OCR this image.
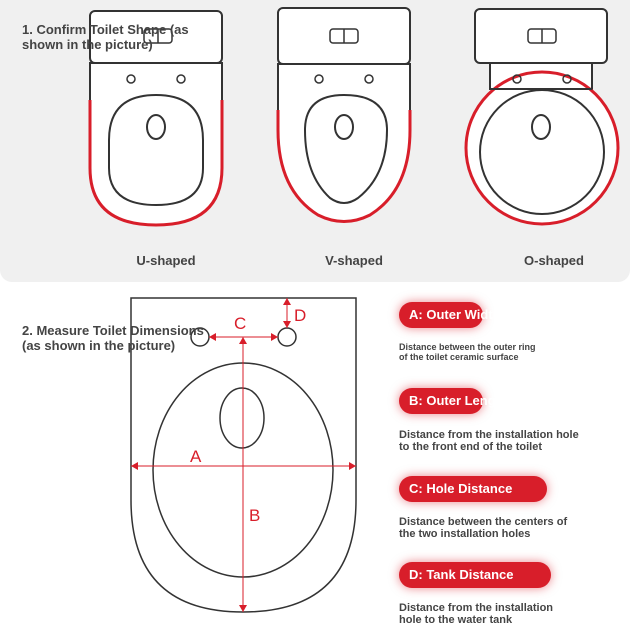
A
B
C	D
1. Confirm Toilet Shape (as
shown in the picture)
U-shaped	V-shaped	O-shaped
2. Measure Toilet Dimensions
(as shown in the picture)
A: Outer Width
Distance between the outer ring
of the toilet ceramic surface
B: Outer Length
Distance from the installation hole
to the front end of the toilet
C: Hole Distance
Distance between the centers of
the two installation holes
D: Tank Distance
Distance from the installation
hole to the water tank
